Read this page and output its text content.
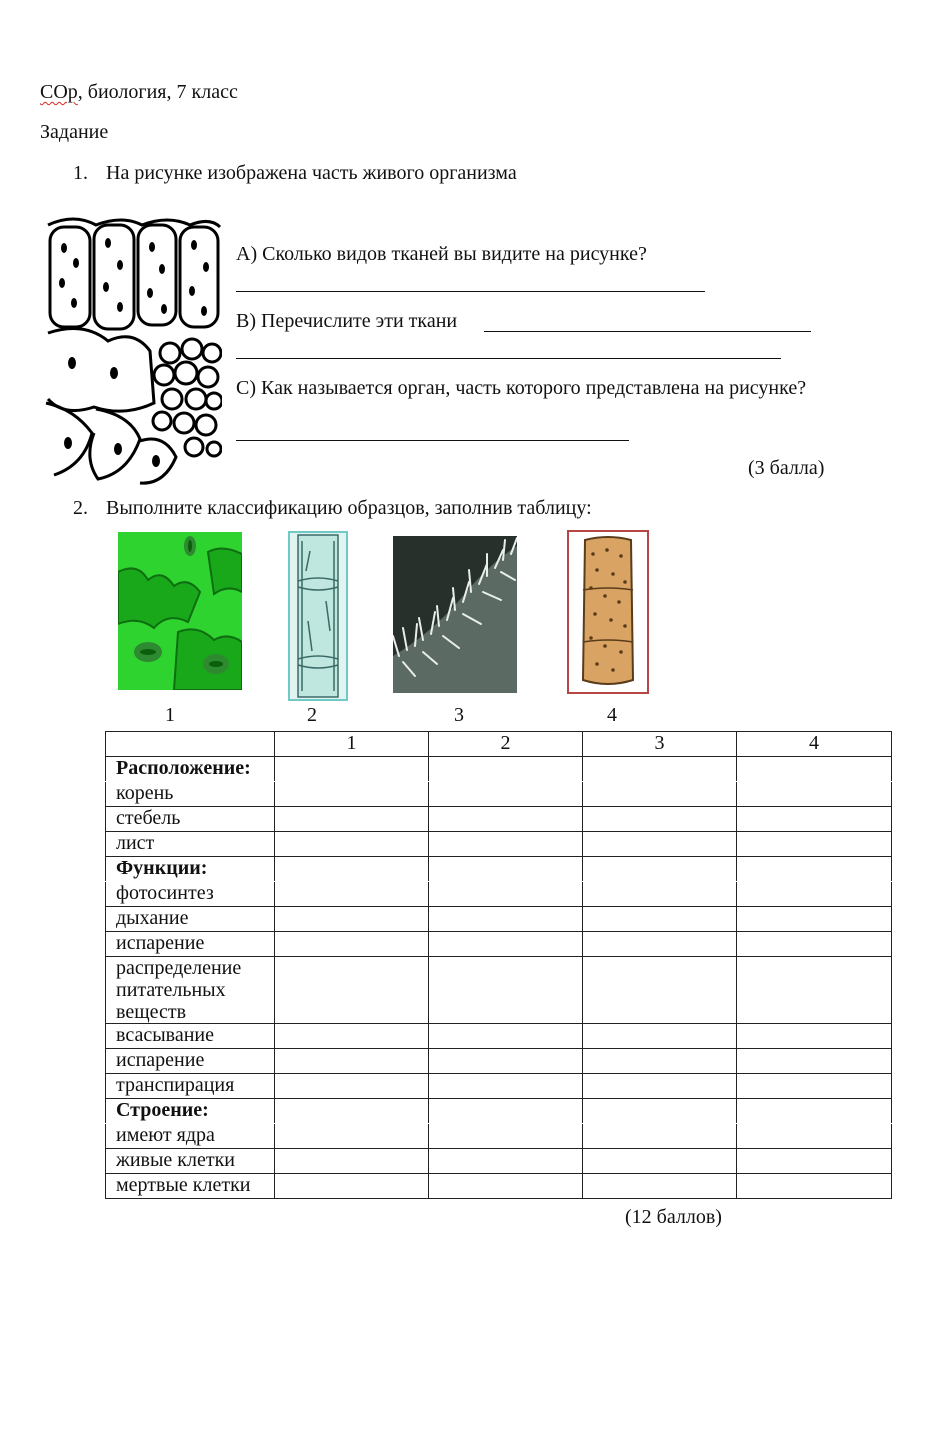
СОр, биология, 7 класс
Задание
1. На рисунке изображена часть живого организма
А) Сколько видов тканей вы видите на рисунке?
В) Перечислите эти ткани
С) Как называется орган, часть которого представлена на рисунке?
(3 балла)
2. Выполните классификацию образцов, заполнив таблицу:
1	2	3	4
	1	2	3	4
Расположение:				
корень				
стебель				
лист				
Функции:				
фотосинтез				
дыхание				
испарение				
распределение питательных веществ				
всасывание				
испарение				
транспирация				
Строение:				
имеют ядра				
живые клетки				
мертвые клетки				
(12 баллов)
